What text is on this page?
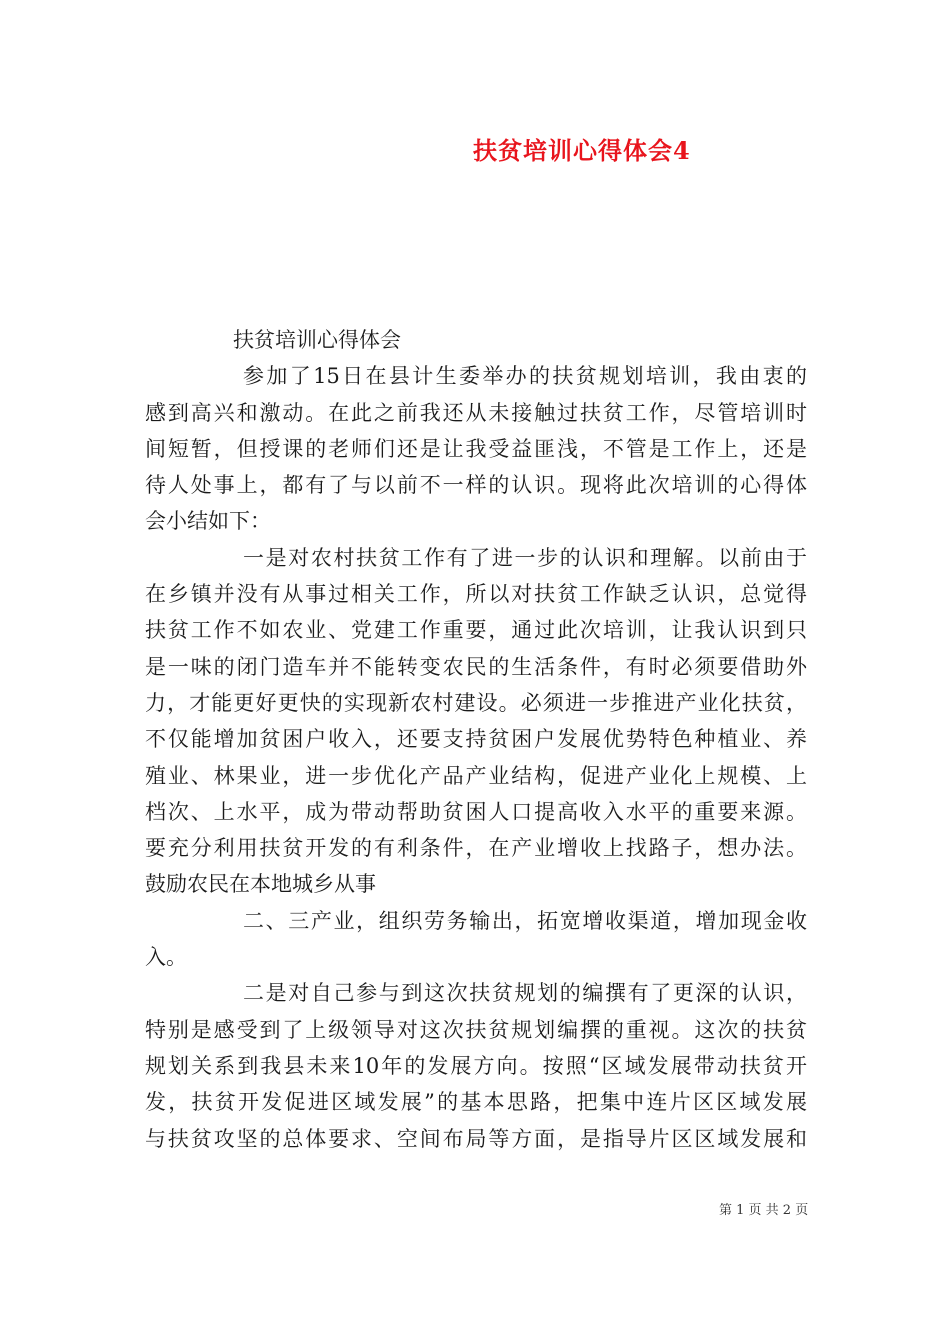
扶贫培训心得体会4
扶贫培训心得体会
参加了15日在县计生委举办的扶贫规划培训，我由衷的
感到高兴和激动。在此之前我还从未接触过扶贫工作，尽管培训时
间短暂，但授课的老师们还是让我受益匪浅，不管是工作上，还是
待人处事上，都有了与以前不一样的认识。现将此次培训的心得体
会小结如下：
一是对农村扶贫工作有了进一步的认识和理解。以前由于
在乡镇并没有从事过相关工作，所以对扶贫工作缺乏认识，总觉得
扶贫工作不如农业、党建工作重要，通过此次培训，让我认识到只
是一味的闭门造车并不能转变农民的生活条件，有时必须要借助外
力，才能更好更快的实现新农村建设。必须进一步推进产业化扶贫，
不仅能增加贫困户收入，还要支持贫困户发展优势特色种植业、养
殖业、林果业，进一步优化产品产业结构，促进产业化上规模、上
档次、上水平，成为带动帮助贫困人口提高收入水平的重要来源。
要充分利用扶贫开发的有利条件，在产业增收上找路子，想办法。
鼓励农民在本地城乡从事
二、三产业，组织劳务输出，拓宽增收渠道，增加现金收
入。
二是对自己参与到这次扶贫规划的编撰有了更深的认识，
特别是感受到了上级领导对这次扶贫规划编撰的重视。这次的扶贫
规划关系到我县未来10年的发展方向。按照“区域发展带动扶贫开
发，扶贫开发促进区域发展”的基本思路，把集中连片区区域发展
与扶贫攻坚的总体要求、空间布局等方面，是指导片区区域发展和
第 1 页 共 2 页
